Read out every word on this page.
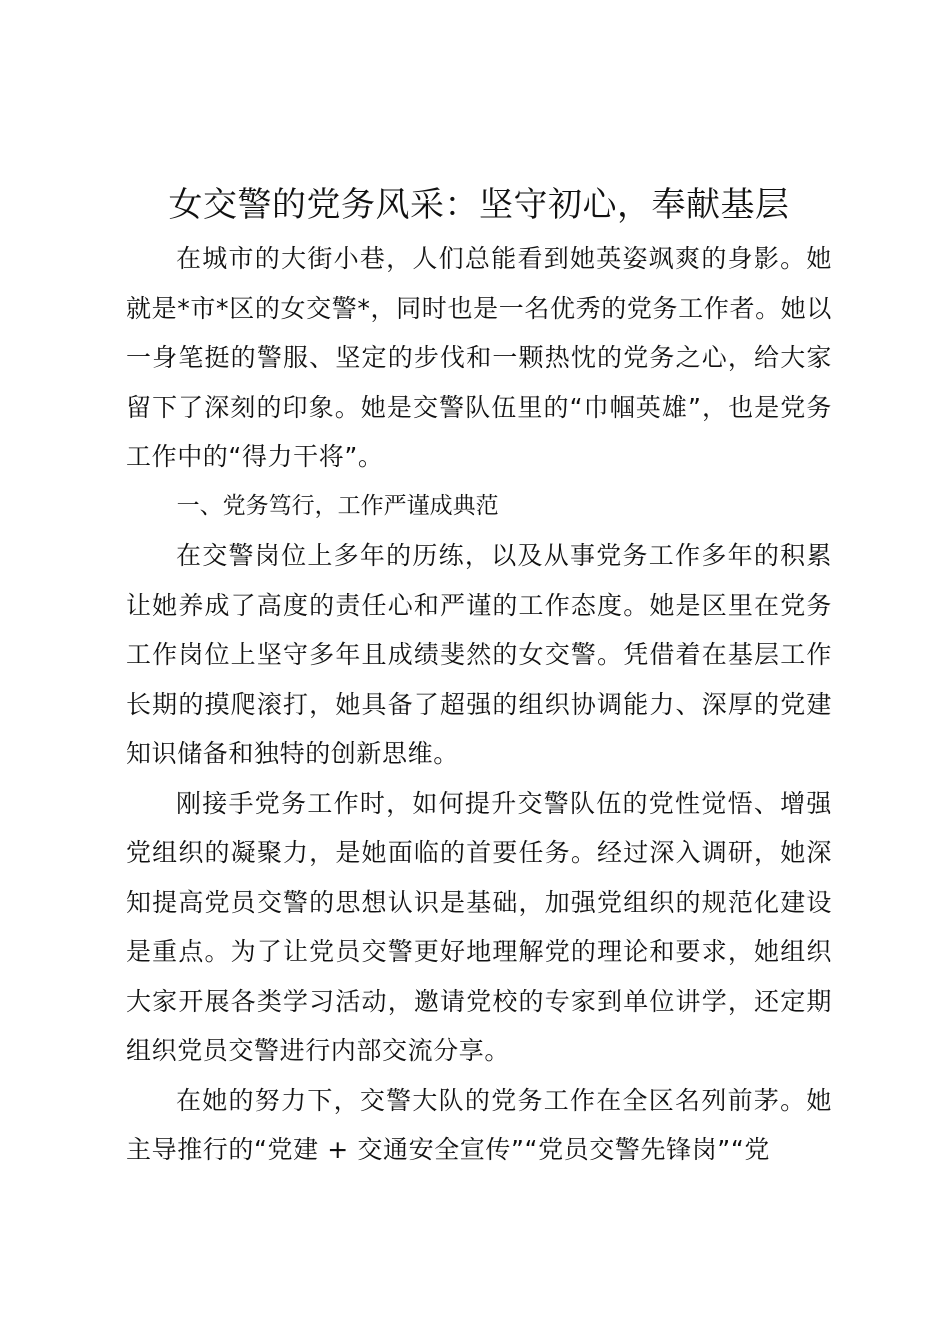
女交警的党务风采：坚守初心，奉献基层

在城市的大街小巷，人们总能看到她英姿飒爽的身影。她就是*市*区的女交警*，同时也是一名优秀的党务工作者。她以一身笔挺的警服、坚定的步伐和一颗热忱的党务之心，给大家留下了深刻的印象。她是交警队伍里的“巾帼英雄”，也是党务工作中的“得力干将”。

一、党务笃行，工作严谨成典范

在交警岗位上多年的历练，以及从事党务工作多年的积累让她养成了高度的责任心和严谨的工作态度。她是区里在党务工作岗位上坚守多年且成绩斐然的女交警。凭借着在基层工作长期的摸爬滚打，她具备了超强的组织协调能力、深厚的党建知识储备和独特的创新思维。

刚接手党务工作时，如何提升交警队伍的党性觉悟、增强党组织的凝聚力，是她面临的首要任务。经过深入调研，她深知提高党员交警的思想认识是基础，加强党组织的规范化建设是重点。为了让党员交警更好地理解党的理论和要求，她组织大家开展各类学习活动，邀请党校的专家到单位讲学，还定期组织党员交警进行内部交流分享。

在她的努力下，交警大队的党务工作在全区名列前茅。她主导推行的“党建 + 交通安全宣传”“党员交警先锋岗”“党
